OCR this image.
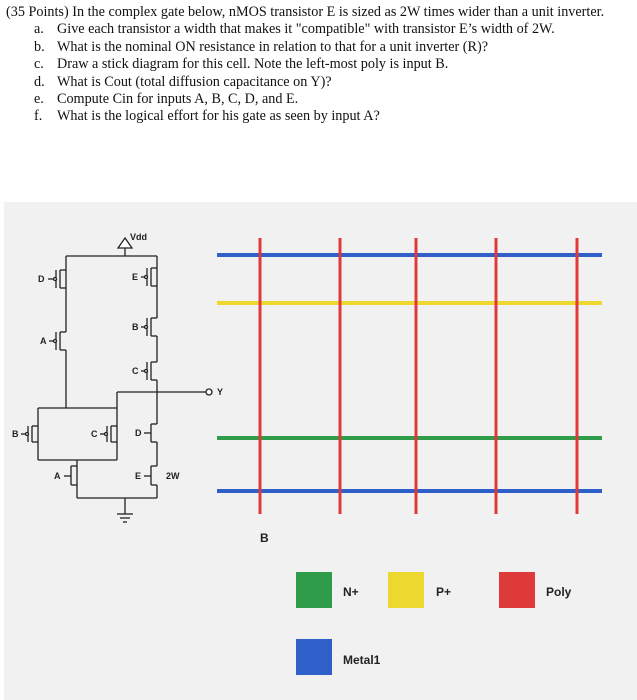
(35 Points) In the complex gate below, nMOS transistor E is sized as 2W times wider than a unit inverter.

a. Give each transistor a width that makes it "compatible" with transistor E’s width of 2W.
b. What is the nominal ON resistance in relation to that for a unit inverter (R)?
c. Draw a stick diagram for this cell. Note the left-most poly is input B.
d. What is Cout (total diffusion capacitance on Y)?
e. Compute Cin for inputs A, B, C, D, and E.
f.	What is the logical effort for his gate as seen by input A?
Vdd
D
A
B	C
E
B
C
D
E
A	2W
Y
B
N+	P+	Poly
Metal1
